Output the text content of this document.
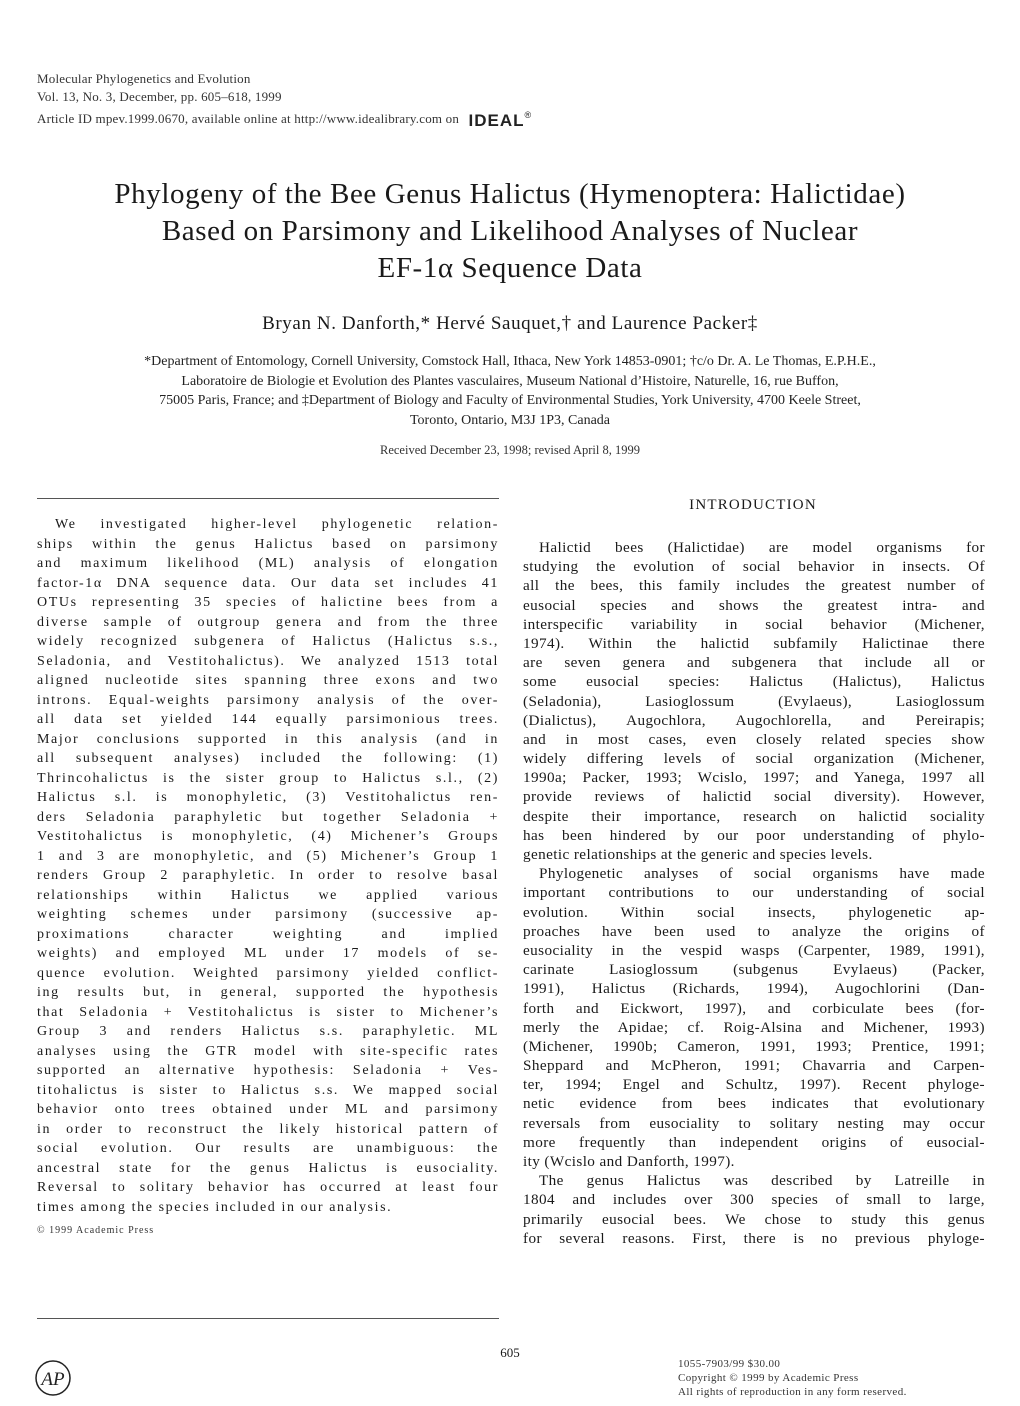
Molecular Phylogenetics and Evolution
Vol. 13, No. 3, December, pp. 605–618, 1999
Article ID mpev.1999.0670, available online at http://www.idealibrary.com on IDEAL®
Phylogeny of the Bee Genus Halictus (Hymenoptera: Halictidae)
Based on Parsimony and Likelihood Analyses of Nuclear
EF-1α Sequence Data
Bryan N. Danforth,* Hervé Sauquet,† and Laurence Packer‡
*Department of Entomology, Cornell University, Comstock Hall, Ithaca, New York 14853-0901; †c/o Dr. A. Le Thomas, E.P.H.E.,
Laboratoire de Biologie et Evolution des Plantes vasculaires, Museum National d’Histoire, Naturelle, 16, rue Buffon,
75005 Paris, France; and ‡Department of Biology and Faculty of Environmental Studies, York University, 4700 Keele Street,
Toronto, Ontario, M3J 1P3, Canada
Received December 23, 1998; revised April 8, 1999
We investigated higher-level phylogenetic relation-
ships within the genus Halictus based on parsimony
and maximum likelihood (ML) analysis of elongation
factor-1α DNA sequence data. Our data set includes 41
OTUs representing 35 species of halictine bees from a
diverse sample of outgroup genera and from the three
widely recognized subgenera of Halictus (Halictus s.s.,
Seladonia, and Vestitohalictus). We analyzed 1513 total
aligned nucleotide sites spanning three exons and two
introns. Equal-weights parsimony analysis of the over-
all data set yielded 144 equally parsimonious trees.
Major conclusions supported in this analysis (and in
all subsequent analyses) included the following: (1)
Thrincohalictus is the sister group to Halictus s.l., (2)
Halictus s.l. is monophyletic, (3) Vestitohalictus ren-
ders Seladonia paraphyletic but together Seladonia +
Vestitohalictus is monophyletic, (4) Michener’s Groups
1 and 3 are monophyletic, and (5) Michener’s Group 1
renders Group 2 paraphyletic. In order to resolve basal
relationships within Halictus we applied various
weighting schemes under parsimony (successive ap-
proximations character weighting and implied
weights) and employed ML under 17 models of se-
quence evolution. Weighted parsimony yielded conflict-
ing results but, in general, supported the hypothesis
that Seladonia + Vestitohalictus is sister to Michener’s
Group 3 and renders Halictus s.s. paraphyletic. ML
analyses using the GTR model with site-specific rates
supported an alternative hypothesis: Seladonia + Ves-
titohalictus is sister to Halictus s.s. We mapped social
behavior onto trees obtained under ML and parsimony
in order to reconstruct the likely historical pattern of
social evolution. Our results are unambiguous: the
ancestral state for the genus Halictus is eusociality.
Reversal to solitary behavior has occurred at least four
times among the species included in our analysis.
© 1999 Academic Press
INTRODUCTION
Halictid bees (Halictidae) are model organisms for
studying the evolution of social behavior in insects. Of
all the bees, this family includes the greatest number of
eusocial species and shows the greatest intra- and
interspecific variability in social behavior (Michener,
1974). Within the halictid subfamily Halictinae there
are seven genera and subgenera that include all or
some eusocial species: Halictus (Halictus), Halictus
(Seladonia), Lasioglossum (Evylaeus), Lasioglossum
(Dialictus), Augochlora, Augochlorella, and Pereirapis;
and in most cases, even closely related species show
widely differing levels of social organization (Michener,
1990a; Packer, 1993; Wcislo, 1997; and Yanega, 1997 all
provide reviews of halictid social diversity). However,
despite their importance, research on halictid sociality
has been hindered by our poor understanding of phylo-
genetic relationships at the generic and species levels.
Phylogenetic analyses of social organisms have made
important contributions to our understanding of social
evolution. Within social insects, phylogenetic ap-
proaches have been used to analyze the origins of
eusociality in the vespid wasps (Carpenter, 1989, 1991),
carinate Lasioglossum (subgenus Evylaeus) (Packer,
1991), Halictus (Richards, 1994), Augochlorini (Dan-
forth and Eickwort, 1997), and corbiculate bees (for-
merly the Apidae; cf. Roig-Alsina and Michener, 1993)
(Michener, 1990b; Cameron, 1991, 1993; Prentice, 1991;
Sheppard and McPheron, 1991; Chavarria and Carpen-
ter, 1994; Engel and Schultz, 1997). Recent phyloge-
netic evidence from bees indicates that evolutionary
reversals from eusociality to solitary nesting may occur
more frequently than independent origins of eusocial-
ity (Wcislo and Danforth, 1997).
The genus Halictus was described by Latreille in
1804 and includes over 300 species of small to large,
primarily eusocial bees. We chose to study this genus
for several reasons. First, there is no previous phyloge-
605
AP
1055-7903/99 $30.00
Copyright © 1999 by Academic Press
All rights of reproduction in any form reserved.
